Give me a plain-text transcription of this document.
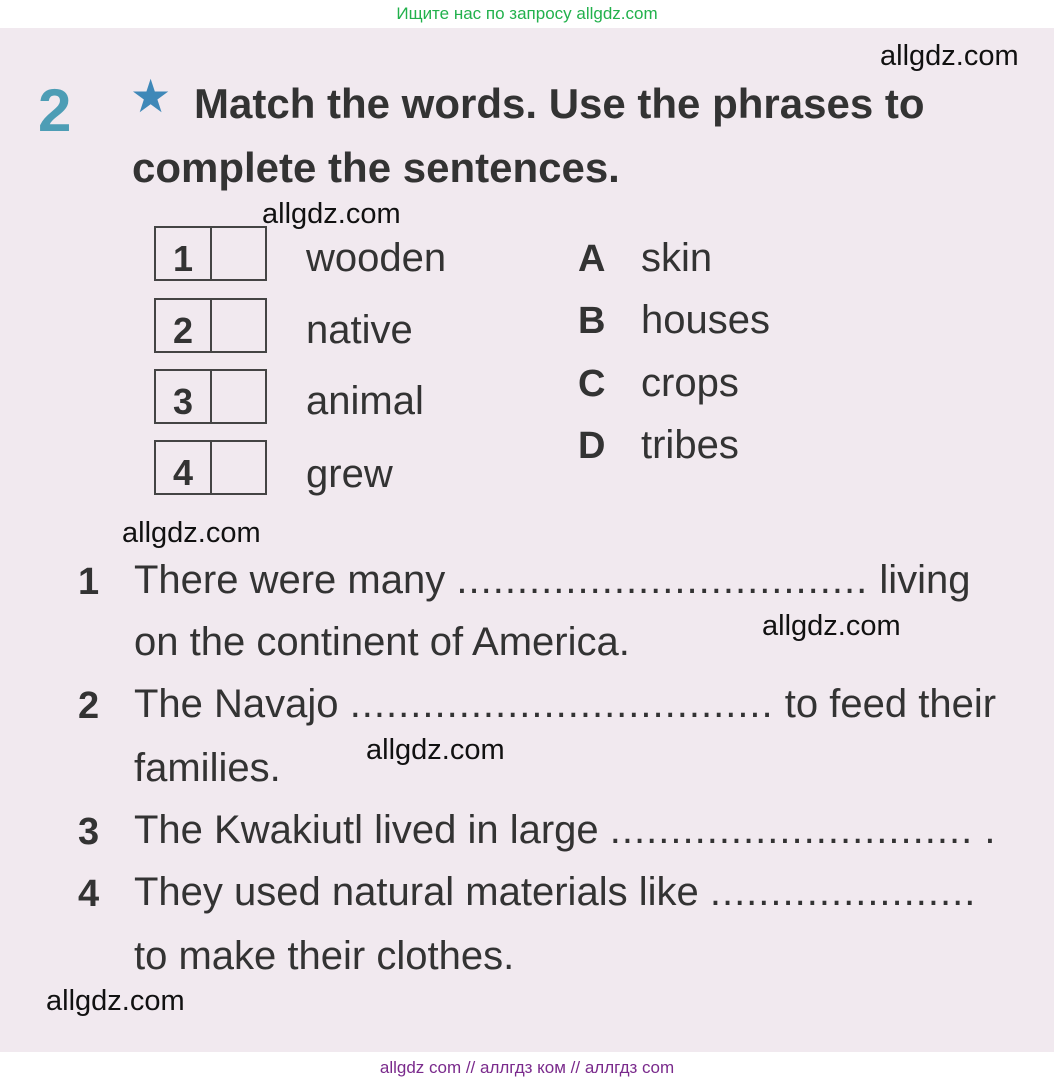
Ищите нас по запросу allgdz.com
2	Match the words. Use the phrases to complete the sentences.
★
1	wooden
2	native
3	animal
4	grew
A skin
B houses
C crops
D tribes
1 There were many .................................. living
on the continent of America.
2 The Navajo ................................... to feed their
families.
3 The Kwakiutl lived in large .............................. .
4 They used natural materials like ......................
to make their clothes.
allgdz.com
allgdz.com
allgdz.com
allgdz.com
allgdz.com
allgdz.com
allgdz com // аллгдз ком // аллгдз com
